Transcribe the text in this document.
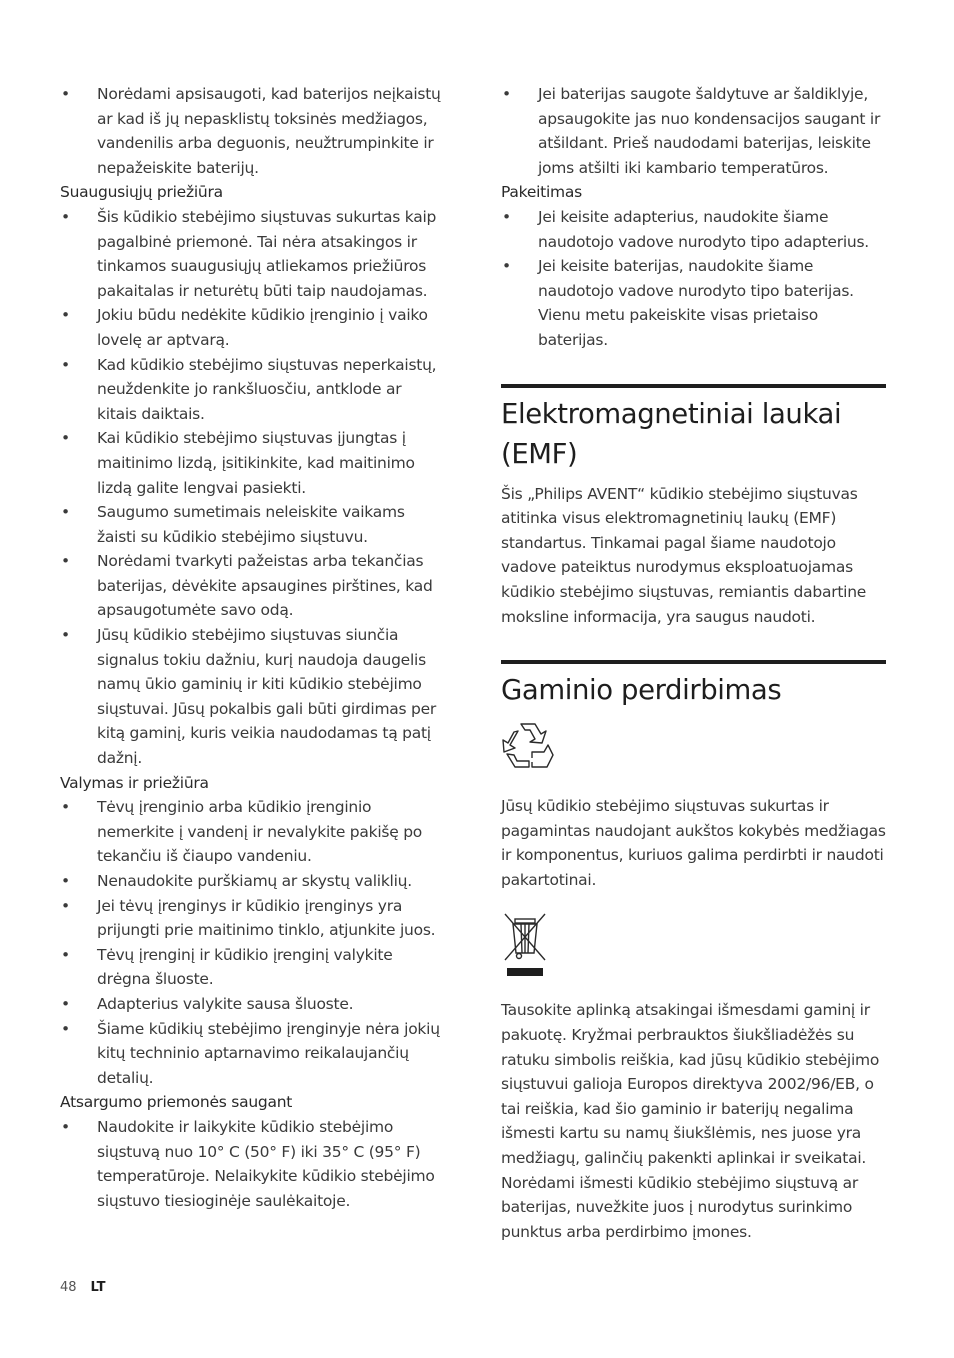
• Norėdami apsisaugoti, kad baterijos neįkaistų ar kad iš jų nepasklistų toksinės medžiagos, vandenilis arba deguonis, neužtrumpinkite ir nepažeiskite baterijų.
Suaugusiųjų priežiūra
• Šis kūdikio stebėjimo siųstuvas sukurtas kaip pagalbinė priemonė. Tai nėra atsakingos ir tinkamos suaugusiųjų atliekamos priežiūros pakaitalas ir neturėtų būti taip naudojamas.
• Jokiu būdu nedėkite kūdikio įrenginio į vaiko lovelę ar aptvarą.
• Kad kūdikio stebėjimo siųstuvas neperkaistų, neuždenkite jo rankšluosčiu, antklode ar kitais daiktais.
• Kai kūdikio stebėjimo siųstuvas įjungtas į maitinimo lizdą, įsitikinkite, kad maitinimo lizdą galite lengvai pasiekti.
• Saugumo sumetimais neleiskite vaikams žaisti su kūdikio stebėjimo siųstuvu.
• Norėdami tvarkyti pažeistas arba tekančias baterijas, dėvėkite apsaugines pirštines, kad apsaugotumėte savo odą.
• Jūsų kūdikio stebėjimo siųstuvas siunčia signalus tokiu dažniu, kurį naudoja daugelis namų ūkio gaminių ir kiti kūdikio stebėjimo siųstuvai. Jūsų pokalbis gali būti girdimas per kitą gaminį, kuris veikia naudodamas tą patį dažnį.
Valymas ir priežiūra
• Tėvų įrenginio arba kūdikio įrenginio nemerkite į vandenį ir nevalykite pakišę po tekančiu iš čiaupo vandeniu.
• Nenaudokite purškiamų ar skystų valiklių.
• Jei tėvų įrenginys ir kūdikio įrenginys yra prijungti prie maitinimo tinklo, atjunkite juos.
• Tėvų įrenginį ir kūdikio įrenginį valykite drėgna šluoste.
• Adapterius valykite sausa šluoste.
• Šiame kūdikių stebėjimo įrenginyje nėra jokių kitų techninio aptarnavimo reikalaujančių detalių.
Atsargumo priemonės saugant
• Naudokite ir laikykite kūdikio stebėjimo siųstuvą nuo 10° C (50° F) iki 35° C (95° F) temperatūroje. Nelaikykite kūdikio stebėjimo siųstuvo tiesioginėje saulėkaitoje.
• Jei baterijas saugote šaldytuve ar šaldiklyje, apsaugokite jas nuo kondensacijos saugant ir atšildant. Prieš naudodami baterijas, leiskite joms atšilti iki kambario temperatūros.
Pakeitimas
• Jei keisite adapterius, naudokite šiame naudotojo vadove nurodyto tipo adapterius.
• Jei keisite baterijas, naudokite šiame naudotojo vadove nurodyto tipo baterijas. Vienu metu pakeiskite visas prietaiso baterijas.
Elektromagnetiniai laukai (EMF)
Šis „Philips AVENT“ kūdikio stebėjimo siųstuvas atitinka visus elektromagnetinių laukų (EMF) standartus. Tinkamai pagal šiame naudotojo vadove pateiktus nurodymus eksploatuojamas kūdikio stebėjimo siųstuvas, remiantis dabartine moksline informacija, yra saugus naudoti.
Gaminio perdirbimas
Jūsų kūdikio stebėjimo siųstuvas sukurtas ir pagamintas naudojant aukštos kokybės medžiagas ir komponentus, kuriuos galima perdirbti ir naudoti pakartotinai.
Tausokite aplinką atsakingai išmesdami gaminį ir pakuotę. Kryžmai perbrauktos šiukšliadėžės su ratuku simbolis reiškia, kad jūsų kūdikio stebėjimo siųstuvui galioja Europos direktyva 2002/96/EB, o tai reiškia, kad šio gaminio ir baterijų negalima išmesti kartu su namų šiukšlėmis, nes juose yra medžiagų, galinčių pakenkti aplinkai ir sveikatai. Norėdami išmesti kūdikio stebėjimo siųstuvą ar baterijas, nuvežkite juos į nurodytus surinkimo punktus arba perdirbimo įmones.
48 LT
